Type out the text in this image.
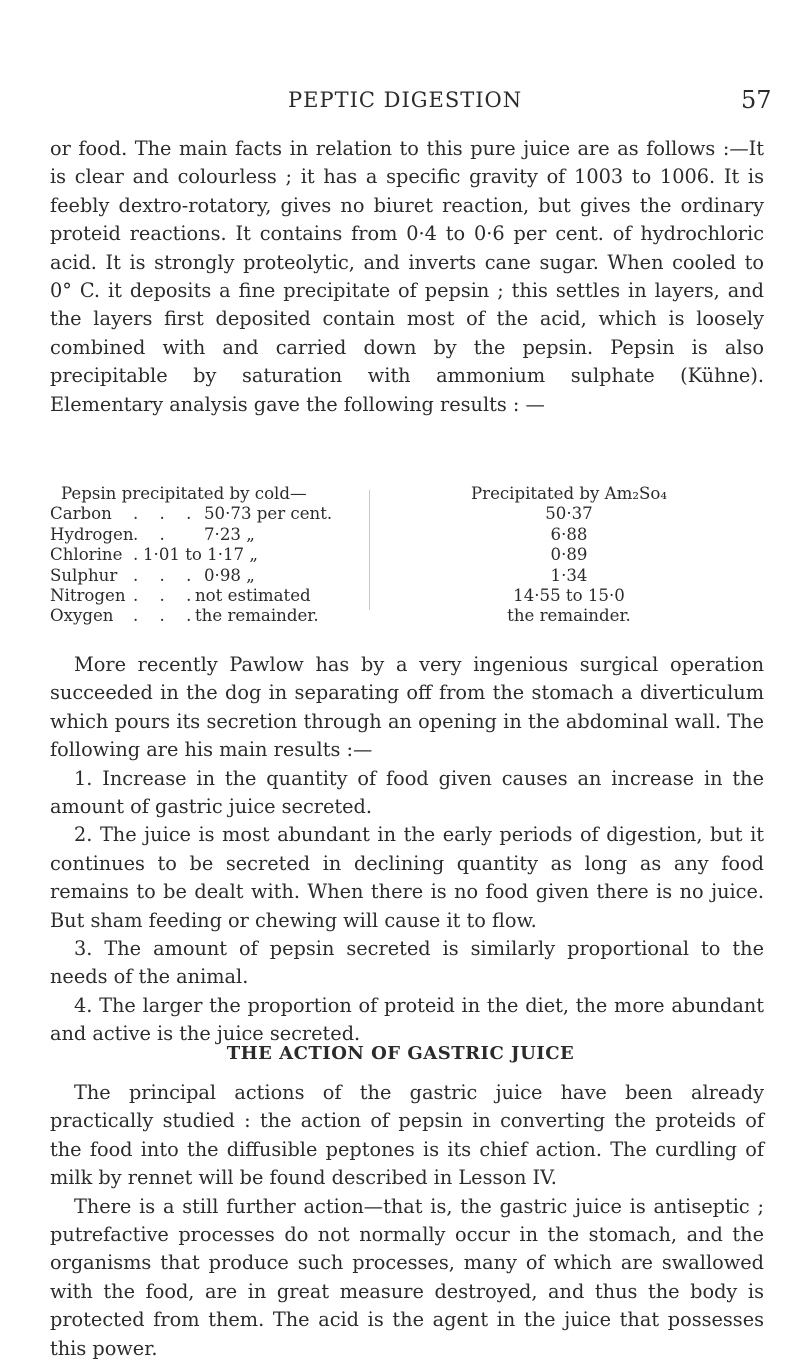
PEPTIC DIGESTION	57

or food. The main facts in relation to this pure juice are as follows :—It is clear and colourless ; it has a specific gravity of 1003 to 1006. It is feebly dextro-rotatory, gives no biuret reaction, but gives the ordinary proteid reactions. It contains from 0·4 to 0·6 per cent. of hydrochloric acid. It is strongly proteolytic, and inverts cane sugar. When cooled to 0° C. it deposits a fine precipitate of pepsin ; this settles in layers, and the layers first deposited contain most of the acid, which is loosely combined with and carried down by the pepsin. Pepsin is also precipitable by saturation with ammonium sulphate (Kühne). Elementary analysis gave the following results : —

Pepsin precipitated by cold—
Carbon . . . 50·73 per cent.
Hydrogen . . 7·23 „
Chlorine .
1·01 to 1·17 „
Sulphur . . . 0·98 „
Nitrogen . . .
not estimated
Oxygen . . .
the remainder.
Precipitated by Am₂So₄
50·37
6·88
0·89
1·34
14·55 to 15·0
the remainder.

More recently Pawlow has by a very ingenious surgical operation succeeded in the dog in separating off from the stomach a diverticulum which pours its secretion through an opening in the abdominal wall. The following are his main results :—

1. Increase in the quantity of food given causes an increase in the amount of gastric juice secreted.

2. The juice is most abundant in the early periods of digestion, but it continues to be secreted in declining quantity as long as any food remains to be dealt with. When there is no food given there is no juice. But sham feeding or chewing will cause it to flow.

3. The amount of pepsin secreted is similarly proportional to the needs of the animal.

4. The larger the proportion of proteid in the diet, the more abundant and active is the juice secreted.

THE ACTION OF GASTRIC JUICE

The principal actions of the gastric juice have been already practically studied : the action of pepsin in converting the proteids of the food into the diffusible peptones is its chief action. The curdling of milk by rennet will be found described in Lesson IV.

There is a still further action—that is, the gastric juice is antiseptic ; putrefactive processes do not normally occur in the stomach, and the organisms that produce such processes, many of which are swallowed with the food, are in great measure destroyed, and thus the body is protected from them. The acid is the agent in the juice that possesses this power.
